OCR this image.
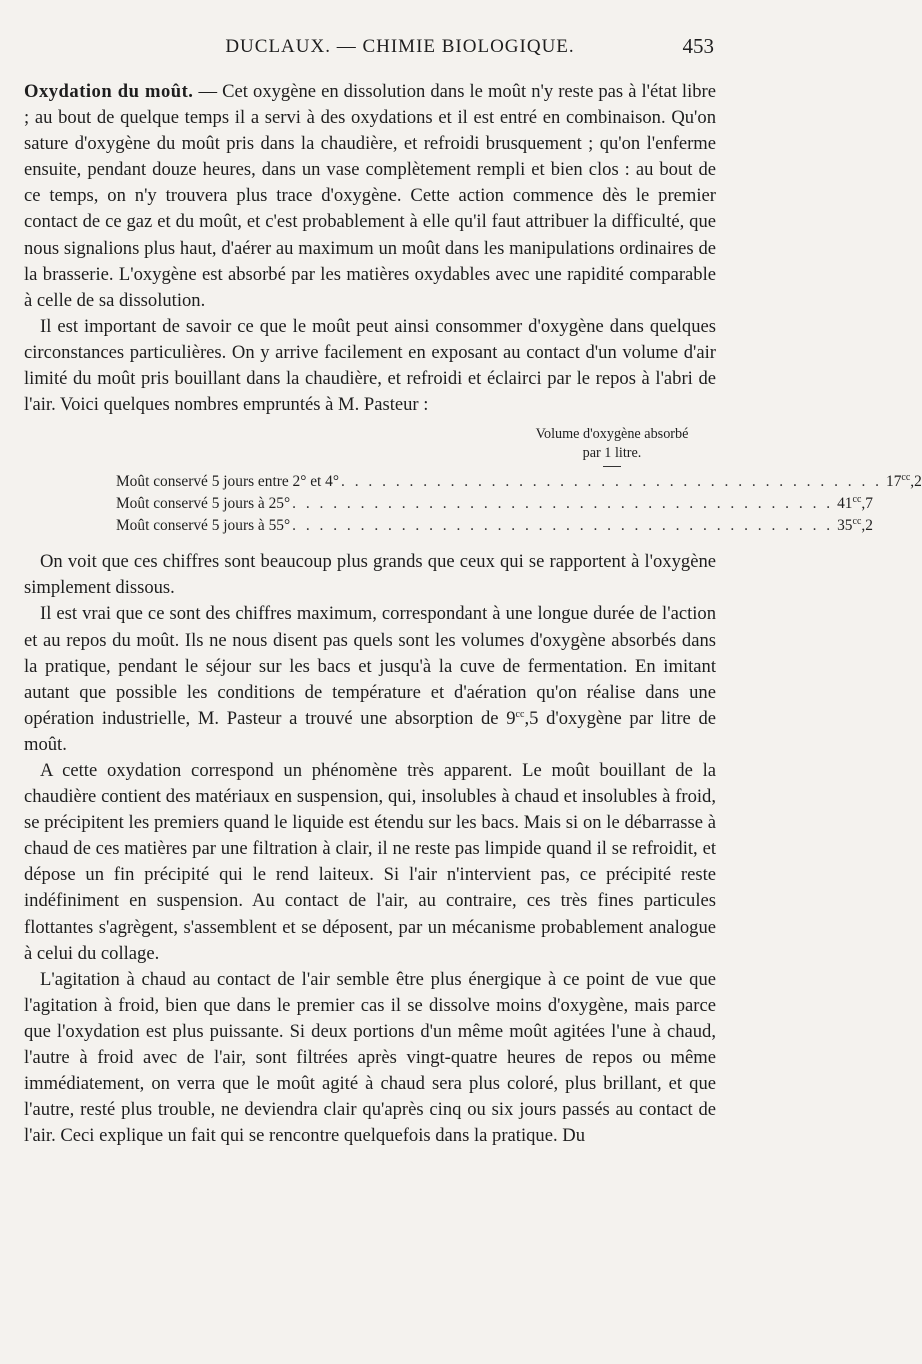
DUCLAUX. — CHIMIE BIOLOGIQUE.	453

Oxydation du moût. — Cet oxygène en dissolution dans le moût n'y reste pas à l'état libre ; au bout de quelque temps il a servi à des oxydations et il est entré en combinaison. Qu'on sature d'oxygène du moût pris dans la chaudière, et refroidi brusquement ; qu'on l'enferme ensuite, pendant douze heures, dans un vase complètement rempli et bien clos : au bout de ce temps, on n'y trouvera plus trace d'oxygène. Cette action commence dès le premier contact de ce gaz et du moût, et c'est probablement à elle qu'il faut attribuer la difficulté, que nous signalions plus haut, d'aérer au maximum un moût dans les manipulations ordinaires de la brasserie. L'oxygène est absorbé par les matières oxydables avec une rapidité comparable à celle de sa dissolution.

Il est important de savoir ce que le moût peut ainsi consommer d'oxygène dans quelques circonstances particulières. On y arrive facilement en exposant au contact d'un volume d'air limité du moût pris bouillant dans la chaudière, et refroidi et éclairci par le repos à l'abri de l'air. Voici quelques nombres empruntés à M. Pasteur :

Volume d'oxygène absorbé
par 1 litre.
Moût conservé 5 jours entre 2° et 4° . . . . . . . . . . . . . . . . . . . . . . . . . . . . . . . . . . . . . . . . $17^{cc},2$
Moût conservé 5 jours à 25° . . . . . . . . . . . . . . . . . . . . . . . . . . . . . . . . . . . . . . . . $41^{cc},7$
Moût conservé 5 jours à 55° . . . . . . . . . . . . . . . . . . . . . . . . . . . . . . . . . . . . . . . . $35^{cc},2$

On voit que ces chiffres sont beaucoup plus grands que ceux qui se rapportent à l'oxygène simplement dissous.

Il est vrai que ce sont des chiffres maximum, correspondant à une longue durée de l'action et au repos du moût. Ils ne nous disent pas quels sont les volumes d'oxygène absorbés dans la pratique, pendant le séjour sur les bacs et jusqu'à la cuve de fermentation. En imitant autant que possible les conditions de température et d'aération qu'on réalise dans une opération industrielle, M. Pasteur a trouvé une absorption de $9^{cc},5$ d'oxygène par litre de moût.

A cette oxydation correspond un phénomène très apparent. Le moût bouillant de la chaudière contient des matériaux en suspension, qui, insolubles à chaud et insolubles à froid, se précipitent les premiers quand le liquide est étendu sur les bacs. Mais si on le débarrasse à chaud de ces matières par une filtration à clair, il ne reste pas limpide quand il se refroidit, et dépose un fin précipité qui le rend laiteux. Si l'air n'intervient pas, ce précipité reste indéfiniment en suspension. Au contact de l'air, au contraire, ces très fines particules flottantes s'agrègent, s'assemblent et se déposent, par un mécanisme probablement analogue à celui du collage.

L'agitation à chaud au contact de l'air semble être plus énergique à ce point de vue que l'agitation à froid, bien que dans le premier cas il se dissolve moins d'oxygène, mais parce que l'oxydation est plus puissante. Si deux portions d'un même moût agitées l'une à chaud, l'autre à froid avec de l'air, sont filtrées après vingt-quatre heures de repos ou même immédiatement, on verra que le moût agité à chaud sera plus coloré, plus brillant, et que l'autre, resté plus trouble, ne deviendra clair qu'après cinq ou six jours passés au contact de l'air. Ceci explique un fait qui se rencontre quelquefois dans la pratique. Du
